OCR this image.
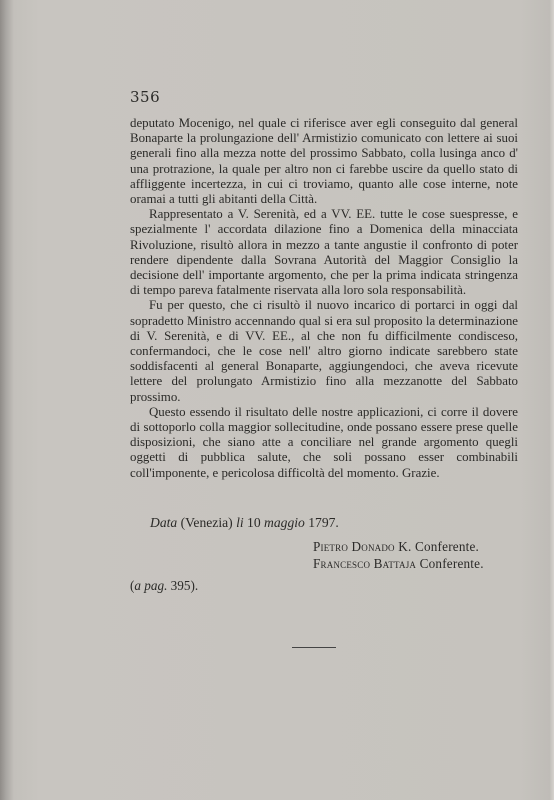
356

deputato Mocenigo, nel quale ci riferisce aver egli conseguito dal general Bonaparte la prolungazione dell' Armistizio comunicato con lettere ai suoi generali fino alla mezza notte del prossimo Sabbato, colla lusinga anco d' una protrazione, la quale per altro non ci farebbe uscire da quello stato di affliggente incertezza, in cui ci troviamo, quanto alle cose interne, note oramai a tutti gli abitanti della Città.

Rappresentato a V. Serenità, ed a VV. EE. tutte le cose suespresse, e spezialmente l' accordata dilazione fino a Domenica della minacciata Rivoluzione, risultò allora in mezzo a tante angustie il confronto di poter rendere dipendente dalla Sovrana Autorità del Maggior Consiglio la decisione dell' importante argomento, che per la prima indicata stringenza di tempo pareva fatalmente riservata alla loro sola responsabilità.

Fu per questo, che ci risultò il nuovo incarico di portarci in oggi dal sopradetto Ministro accennando qual si era sul proposito la determinazione di V. Serenità, e di VV. EE., al che non fu difficilmente condisceso, confermandoci, che le cose nell' altro giorno indicate sarebbero state soddisfacenti al general Bonaparte, aggiungendoci, che aveva ricevute lettere del prolungato Armistizio fino alla mezzanotte del Sabbato prossimo.

Questo essendo il risultato delle nostre applicazioni, ci corre il dovere di sottoporlo colla maggior sollecitudine, onde possano essere prese quelle disposizioni, che siano atte a conciliare nel grande argomento quegli oggetti di pubblica salute, che soli possano esser combinabili coll'imponente, e pericolosa difficoltà del momento. Grazie.

Data (Venezia) li 10 maggio 1797.
Pietro Donado K. Conferente.
Francesco Battaja Conferente.
(a pag. 395).
